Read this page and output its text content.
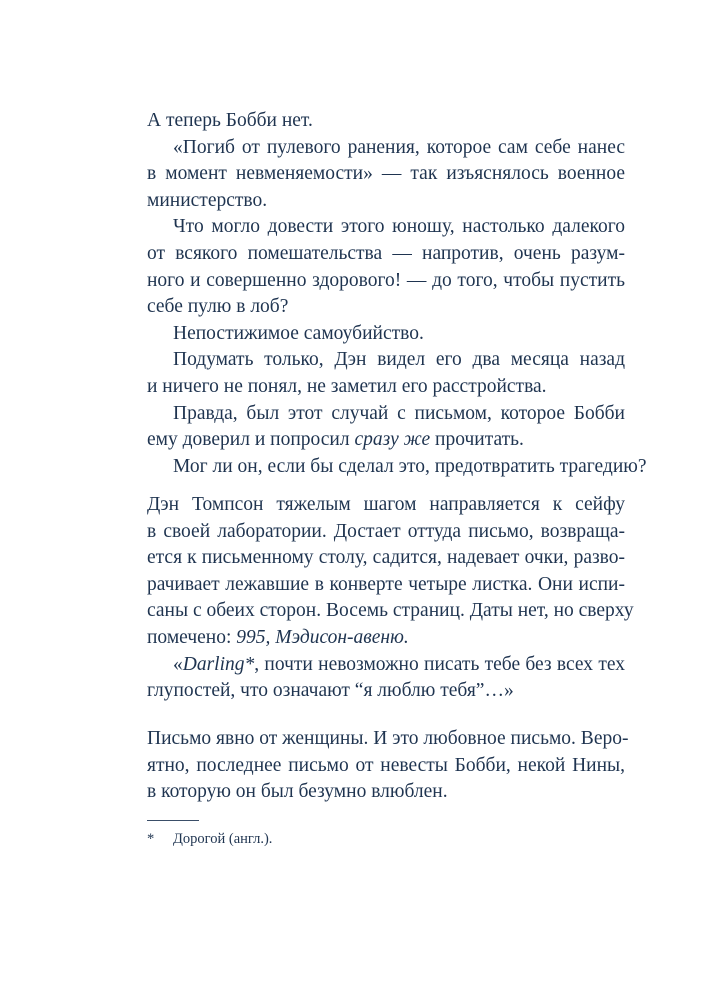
А теперь Бобби нет.
«Погиб от пулевого ранения, которое сам себе нанес
в момент невменяемости» — так изъяснялось военное
министерство.
Что могло довести этого юношу, настолько далекого
от всякого помешательства — напротив, очень разум-
ного и совершенно здорового! — до того, чтобы пустить
себе пулю в лоб?
Непостижимое самоубийство.
Подумать только, Дэн видел его два месяца назад
и ничего не понял, не заметил его расстройства.
Правда, был этот случай с письмом, которое Бобби
ему доверил и попросил сразу же прочитать.
Мог ли он, если бы сделал это, предотвратить трагедию?
Дэн Томпсон тяжелым шагом направляется к сейфу
в своей лаборатории. Достает оттуда письмо, возвраща-
ется к письменному столу, садится, надевает очки, разво-
рачивает лежавшие в конверте четыре листка. Они испи-
саны с обеих сторон. Восемь страниц. Даты нет, но сверху
помечено: 995, Мэдисон-авеню.
«Darling*, почти невозможно писать тебе без всех тех
глупостей, что означают “я люблю тебя”…»
Письмо явно от женщины. И это любовное письмо. Веро-
ятно, последнее письмо от невесты Бобби, некой Нины,
в которую он был безумно влюблен.
* Дорогой (англ.).
